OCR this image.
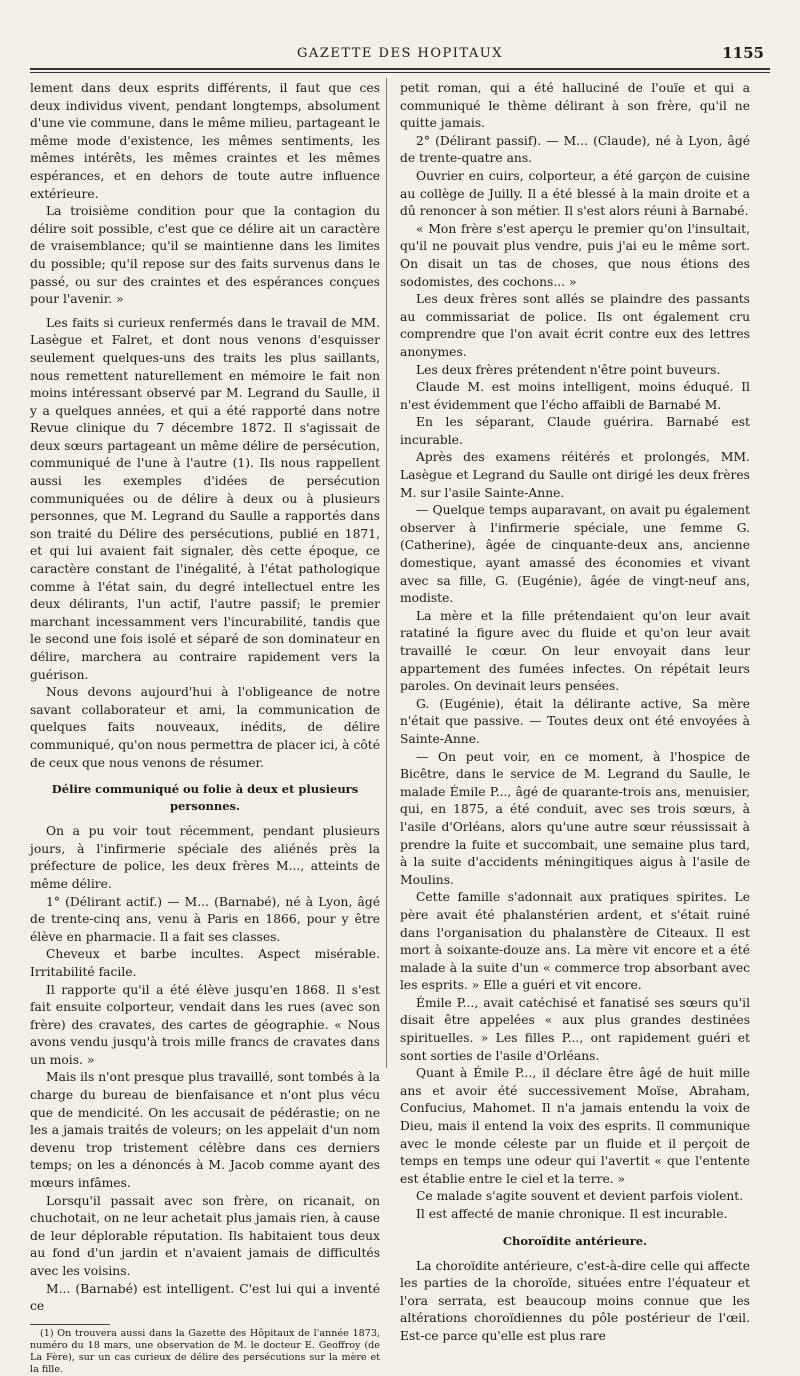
GAZETTE DES HOPITAUX	1155

lement dans deux esprits différents, il faut que ces deux individus vivent, pendant longtemps, absolument d'une vie commune, dans le même milieu, partageant le même mode d'existence, les mêmes sentiments, les mêmes intérêts, les mêmes craintes et les mêmes espérances, et en dehors de toute autre influence extérieure.

La troisième condition pour que la contagion du délire soit possible, c'est que ce délire ait un caractère de vraisemblance; qu'il se maintienne dans les limites du possible; qu'il repose sur des faits survenus dans le passé, ou sur des craintes et des espérances conçues pour l'avenir. »

Les faits si curieux renfermés dans le travail de MM. Lasègue et Falret, et dont nous venons d'esquisser seulement quelques-uns des traits les plus saillants, nous remettent naturellement en mémoire le fait non moins intéressant observé par M. Legrand du Saulle, il y a quelques années, et qui a été rapporté dans notre Revue clinique du 7 décembre 1872. Il s'agissait de deux sœurs partageant un même délire de persécution, communiqué de l'une à l'autre (1). Ils nous rappellent aussi les exemples d'idées de persécution communiquées ou de délire à deux ou à plusieurs personnes, que M. Legrand du Saulle a rapportés dans son traité du Délire des persécutions, publié en 1871, et qui lui avaient fait signaler, dès cette époque, ce caractère constant de l'inégalité, à l'état pathologique comme à l'état sain, du degré intellectuel entre les deux délirants, l'un actif, l'autre passif; le premier marchant incessamment vers l'incurabilité, tandis que le second une fois isolé et séparé de son dominateur en délire, marchera au contraire rapidement vers la guérison.

Nous devons aujourd'hui à l'obligeance de notre savant collaborateur et ami, la communication de quelques faits nouveaux, inédits, de délire communiqué, qu'on nous permettra de placer ici, à côté de ceux que nous venons de résumer.

Délire communiqué ou folie à deux et plusieurs personnes.

On a pu voir tout récemment, pendant plusieurs jours, à l'infirmerie spéciale des aliénés près la préfecture de police, les deux frères M..., atteints de même délire.

1° (Délirant actif.) — M... (Barnabé), né à Lyon, âgé de trente-cinq ans, venu à Paris en 1866, pour y être élève en pharmacie. Il a fait ses classes.

Cheveux et barbe incultes. Aspect misérable. Irritabilité facile.

Il rapporte qu'il a été élève jusqu'en 1868. Il s'est fait ensuite colporteur, vendait dans les rues (avec son frère) des cravates, des cartes de géographie. « Nous avons vendu jusqu'à trois mille francs de cravates dans un mois. »

Mais ils n'ont presque plus travaillé, sont tombés à la charge du bureau de bienfaisance et n'ont plus vécu que de mendicité. On les accusait de pédérastie; on ne les a jamais traités de voleurs; on les appelait d'un nom devenu trop tristement célèbre dans ces derniers temps; on les a dénoncés à M. Jacob comme ayant des mœurs infâmes.

Lorsqu'il passait avec son frère, on ricanait, on chuchotait, on ne leur achetait plus jamais rien, à cause de leur déplorable réputation. Ils habitaient tous deux au fond d'un jardin et n'avaient jamais de difficultés avec les voisins.

M... (Barnabé) est intelligent. C'est lui qui a inventé ce

(1) On trouvera aussi dans la Gazette des Hôpitaux de l'année 1873, numéro du 18 mars, une observation de M. le docteur E. Geoffroy (de La Fère), sur un cas curieux de délire des persécutions sur la mère et la fille.

petit roman, qui a été halluciné de l'ouïe et qui a communiqué le thème délirant à son frère, qu'il ne quitte jamais.

2° (Délirant passif). — M... (Claude), né à Lyon, âgé de trente-quatre ans.

Ouvrier en cuirs, colporteur, a été garçon de cuisine au collège de Juilly. Il a été blessé à la main droite et a dû renoncer à son métier. Il s'est alors réuni à Barnabé.

« Mon frère s'est aperçu le premier qu'on l'insultait, qu'il ne pouvait plus vendre, puis j'ai eu le même sort. On disait un tas de choses, que nous étions des sodomistes, des cochons... »

Les deux frères sont allés se plaindre des passants au commissariat de police. Ils ont également cru comprendre que l'on avait écrit contre eux des lettres anonymes.

Les deux frères prétendent n'être point buveurs.

Claude M. est moins intelligent, moins éduqué. Il n'est évidemment que l'écho affaibli de Barnabé M.

En les séparant, Claude guérira. Barnabé est incurable.

Après des examens réitérés et prolongés, MM. Lasègue et Legrand du Saulle ont dirigé les deux frères M. sur l'asile Sainte-Anne.

— Quelque temps auparavant, on avait pu également observer à l'infirmerie spéciale, une femme G. (Catherine), âgée de cinquante-deux ans, ancienne domestique, ayant amassé des économies et vivant avec sa fille, G. (Eugénie), âgée de vingt-neuf ans, modiste.

La mère et la fille prétendaient qu'on leur avait ratatiné la figure avec du fluide et qu'on leur avait travaillé le cœur. On leur envoyait dans leur appartement des fumées infectes. On répétait leurs paroles. On devinait leurs pensées.

G. (Eugénie), était la délirante active, Sa mère n'était que passive. — Toutes deux ont été envoyées à Sainte-Anne.

— On peut voir, en ce moment, à l'hospice de Bicêtre, dans le service de M. Legrand du Saulle, le malade Émile P..., âgé de quarante-trois ans, menuisier, qui, en 1875, a été conduit, avec ses trois sœurs, à l'asile d'Orléans, alors qu'une autre sœur réussissait à prendre la fuite et succombait, une semaine plus tard, à la suite d'accidents méningitiques aigus à l'asile de Moulins.

Cette famille s'adonnait aux pratiques spirites. Le père avait été phalanstérien ardent, et s'était ruiné dans l'organisation du phalanstère de Citeaux. Il est mort à soixante-douze ans. La mère vit encore et a été malade à la suite d'un « commerce trop absorbant avec les esprits. » Elle a guéri et vit encore.

Émile P..., avait catéchisé et fanatisé ses sœurs qu'il disait être appelées « aux plus grandes destinées spirituelles. » Les filles P..., ont rapidement guéri et sont sorties de l'asile d'Orléans.

Quant à Émile P..., il déclare être âgé de huit mille ans et avoir été successivement Moïse, Abraham, Confucius, Mahomet. Il n'a jamais entendu la voix de Dieu, mais il entend la voix des esprits. Il communique avec le monde céleste par un fluide et il perçoit de temps en temps une odeur qui l'avertit « que l'entente est établie entre le ciel et la terre. »

Ce malade s'agite souvent et devient parfois violent.

Il est affecté de manie chronique. Il est incurable.

Choroïdite antérieure.

La choroïdite antérieure, c'est-à-dire celle qui affecte les parties de la choroïde, situées entre l'équateur et l'ora serrata, est beaucoup moins connue que les altérations choroïdiennes du pôle postérieur de l'œil. Est-ce parce qu'elle est plus rare
